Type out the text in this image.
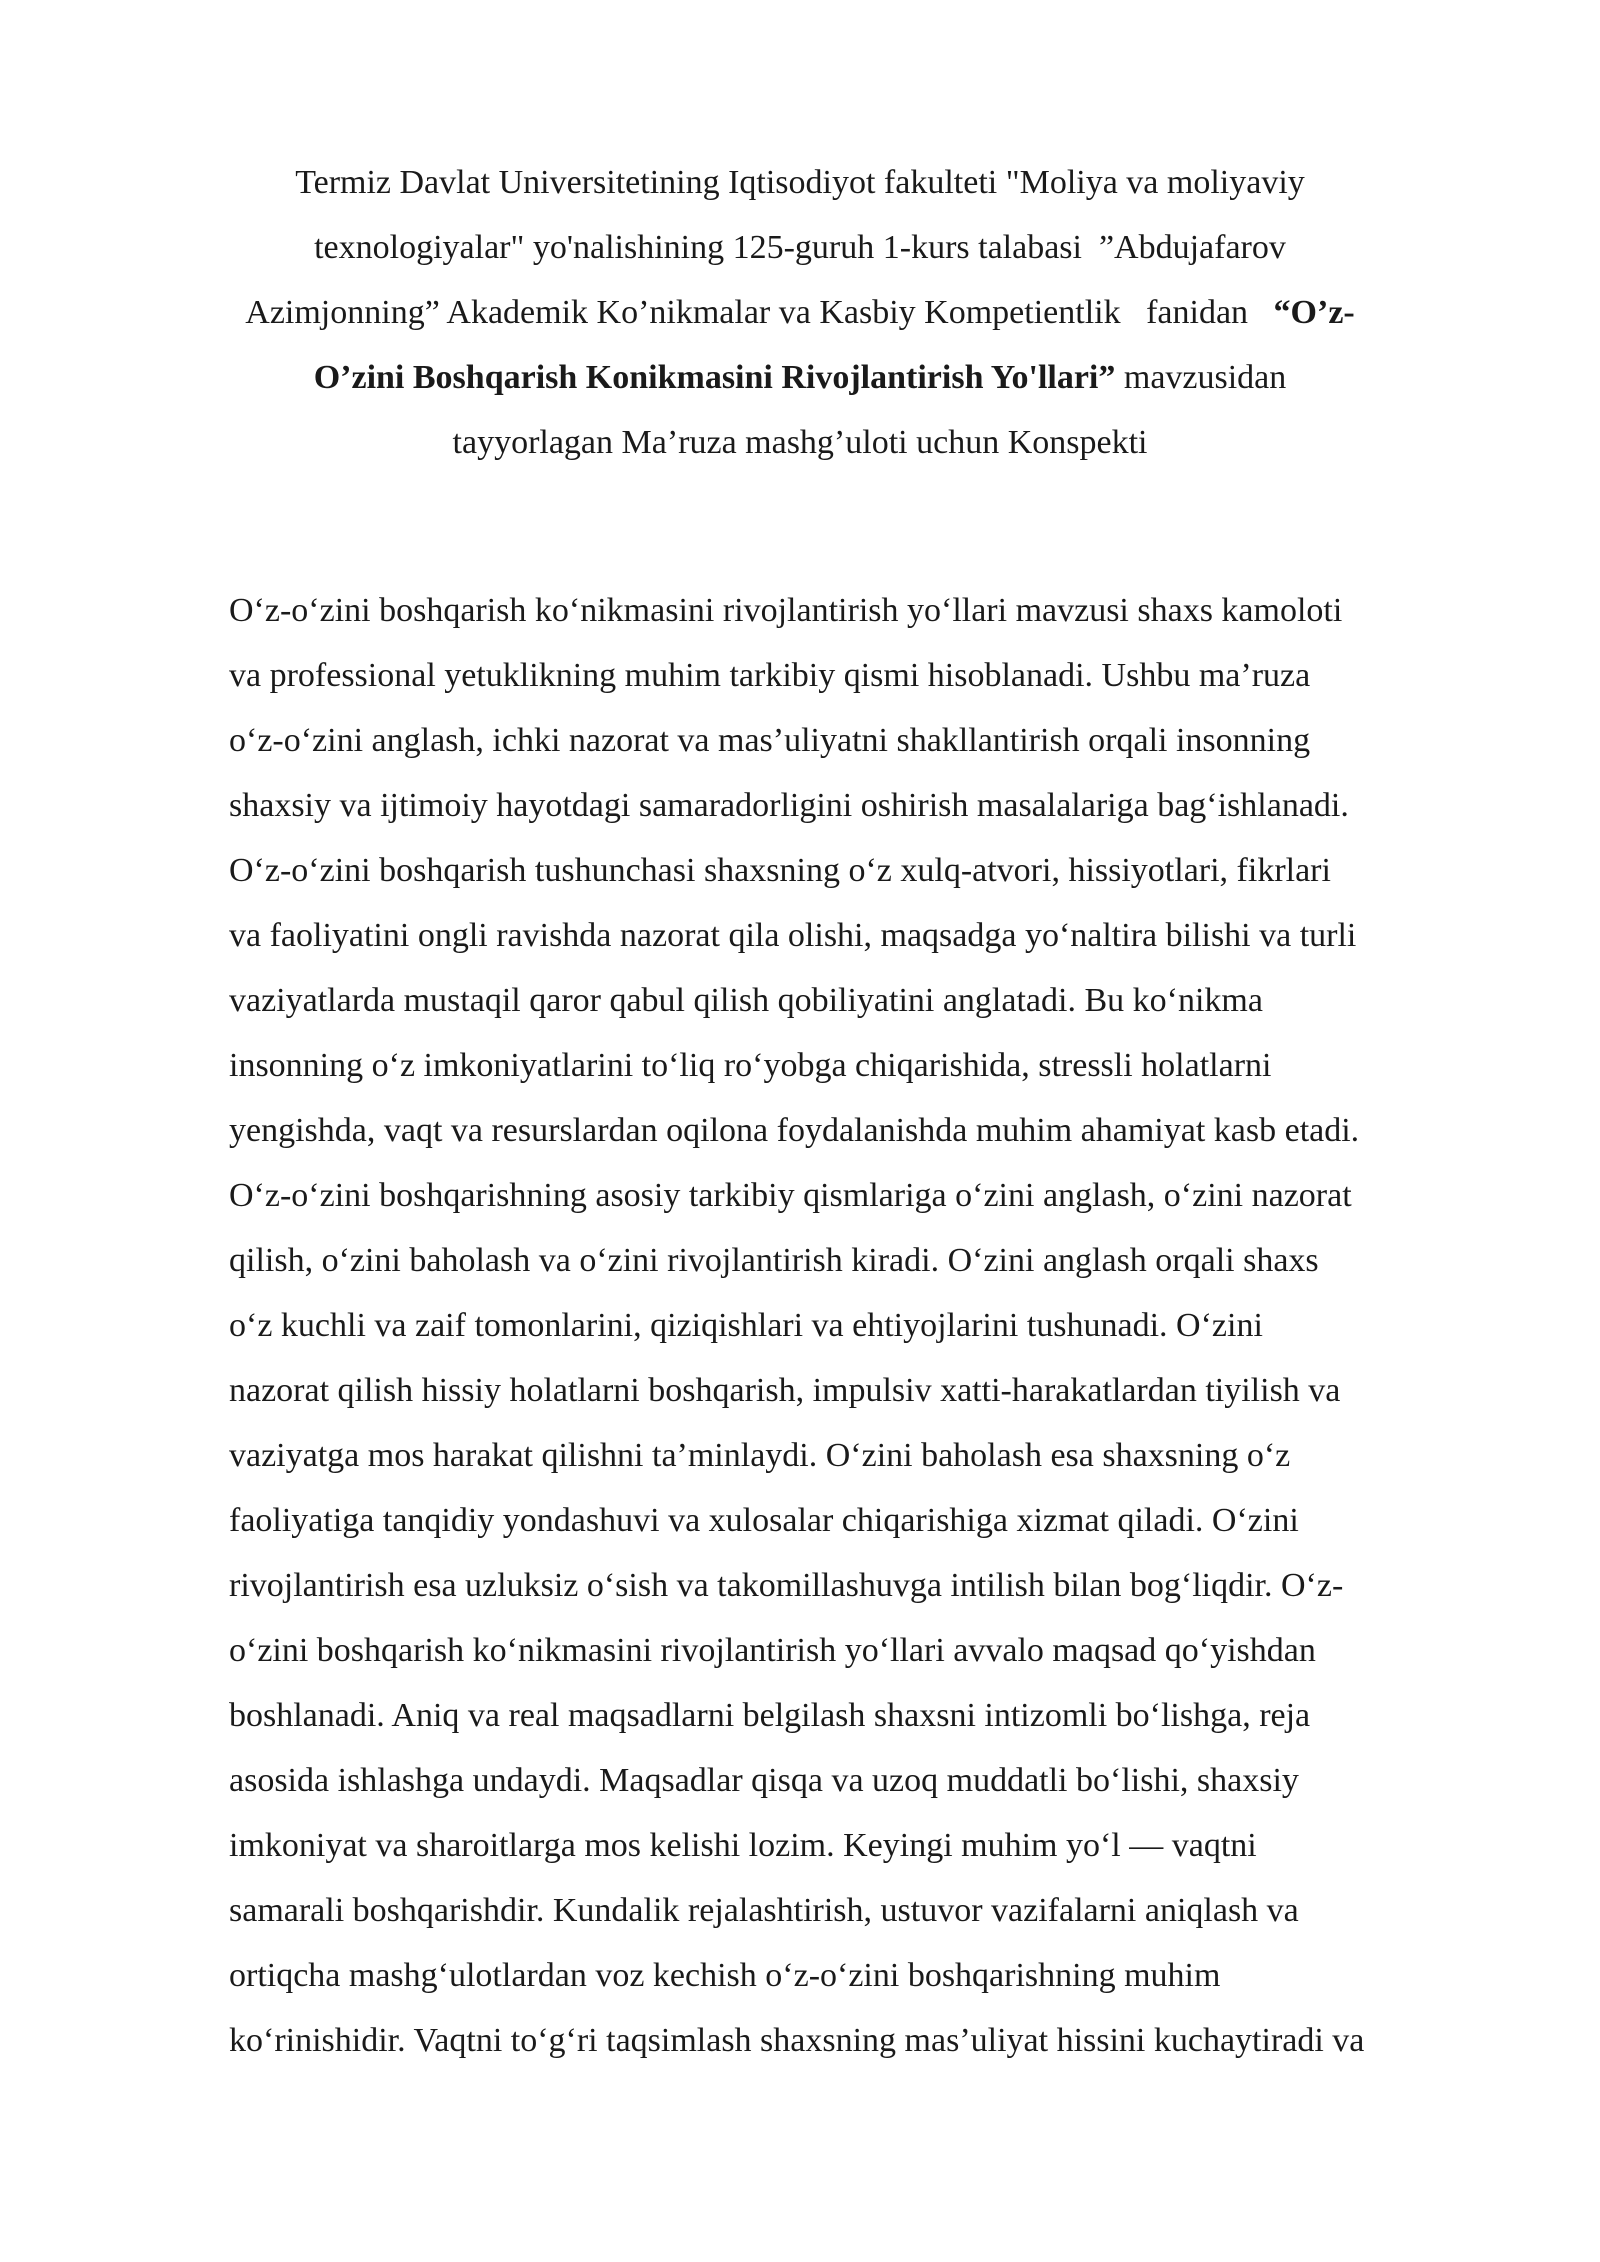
Termiz Davlat Universitetining Iqtisodiyot fakulteti "Moliya va moliyaviy
texnologiyalar" yo'nalishining 125-guruh 1-kurs talabasi  ”Abdujafarov
Azimjonning” Akademik Ko’nikmalar va Kasbiy Kompetientlik   fanidan   “O’z-
O’zini Boshqarish Konikmasini Rivojlantirish Yo'llari” mavzusidan
tayyorlagan Ma’ruza mashg’uloti uchun Konspekti
O‘z-o‘zini boshqarish ko‘nikmasini rivojlantirish yo‘llari mavzusi shaxs kamoloti
va professional yetuklikning muhim tarkibiy qismi hisoblanadi. Ushbu ma’ruza
o‘z-o‘zini anglash, ichki nazorat va mas’uliyatni shakllantirish orqali insonning
shaxsiy va ijtimoiy hayotdagi samaradorligini oshirish masalalariga bag‘ishlanadi.
O‘z-o‘zini boshqarish tushunchasi shaxsning o‘z xulq-atvori, hissiyotlari, fikrlari
va faoliyatini ongli ravishda nazorat qila olishi, maqsadga yo‘naltira bilishi va turli
vaziyatlarda mustaqil qaror qabul qilish qobiliyatini anglatadi. Bu ko‘nikma
insonning o‘z imkoniyatlarini to‘liq ro‘yobga chiqarishida, stressli holatlarni
yengishda, vaqt va resurslardan oqilona foydalanishda muhim ahamiyat kasb etadi.
O‘z-o‘zini boshqarishning asosiy tarkibiy qismlariga o‘zini anglash, o‘zini nazorat
qilish, o‘zini baholash va o‘zini rivojlantirish kiradi. O‘zini anglash orqali shaxs
o‘z kuchli va zaif tomonlarini, qiziqishlari va ehtiyojlarini tushunadi. O‘zini
nazorat qilish hissiy holatlarni boshqarish, impulsiv xatti-harakatlardan tiyilish va
vaziyatga mos harakat qilishni ta’minlaydi. O‘zini baholash esa shaxsning o‘z
faoliyatiga tanqidiy yondashuvi va xulosalar chiqarishiga xizmat qiladi. O‘zini
rivojlantirish esa uzluksiz o‘sish va takomillashuvga intilish bilan bog‘liqdir. O‘z-
o‘zini boshqarish ko‘nikmasini rivojlantirish yo‘llari avvalo maqsad qo‘yishdan
boshlanadi. Aniq va real maqsadlarni belgilash shaxsni intizomli bo‘lishga, reja
asosida ishlashga undaydi. Maqsadlar qisqa va uzoq muddatli bo‘lishi, shaxsiy
imkoniyat va sharoitlarga mos kelishi lozim. Keyingi muhim yo‘l — vaqtni
samarali boshqarishdir. Kundalik rejalashtirish, ustuvor vazifalarni aniqlash va
ortiqcha mashg‘ulotlardan voz kechish o‘z-o‘zini boshqarishning muhim
ko‘rinishidir. Vaqtni to‘g‘ri taqsimlash shaxsning mas’uliyat hissini kuchaytiradi va
